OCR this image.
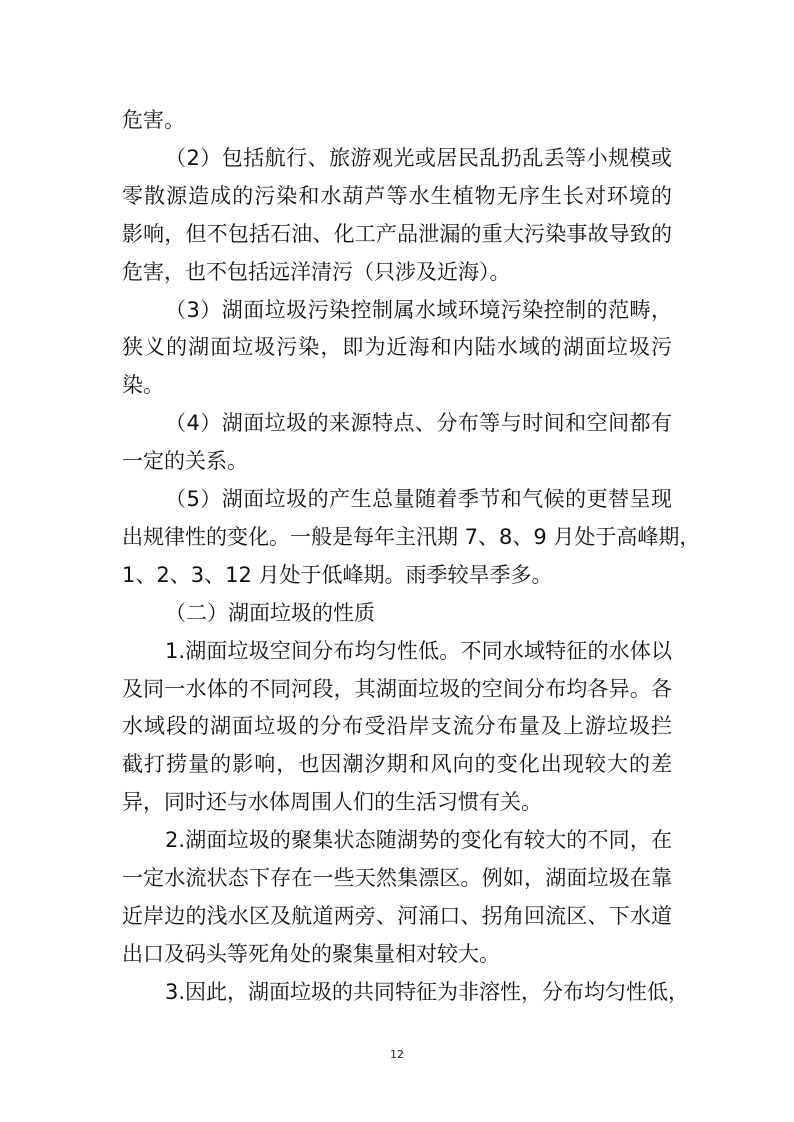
危害。
（2）包括航行、旅游观光或居民乱扔乱丢等小规模或
零散源造成的污染和水葫芦等水生植物无序生长对环境的
影响，但不包括石油、化工产品泄漏的重大污染事故导致的
危害，也不包括远洋清污（只涉及近海）。
（3）湖面垃圾污染控制属水域环境污染控制的范畴，
狭义的湖面垃圾污染，即为近海和内陆水域的湖面垃圾污
染。
（4）湖面垃圾的来源特点、分布等与时间和空间都有
一定的关系。
（5）湖面垃圾的产生总量随着季节和气候的更替呈现
出规律性的变化。一般是每年主汛期 7、8、9 月处于高峰期，
1、2、3、12 月处于低峰期。雨季较旱季多。
（二）湖面垃圾的性质
1.湖面垃圾空间分布均匀性低。不同水域特征的水体以
及同一水体的不同河段，其湖面垃圾的空间分布均各异。各
水域段的湖面垃圾的分布受沿岸支流分布量及上游垃圾拦
截打捞量的影响，也因潮汐期和风向的变化出现较大的差
异，同时还与水体周围人们的生活习惯有关。
2.湖面垃圾的聚集状态随湖势的变化有较大的不同，在
一定水流状态下存在一些天然集漂区。例如，湖面垃圾在靠
近岸边的浅水区及航道两旁、河涌口、拐角回流区、下水道
出口及码头等死角处的聚集量相对较大。
3.因此，湖面垃圾的共同特征为非溶性，分布均匀性低，
12
